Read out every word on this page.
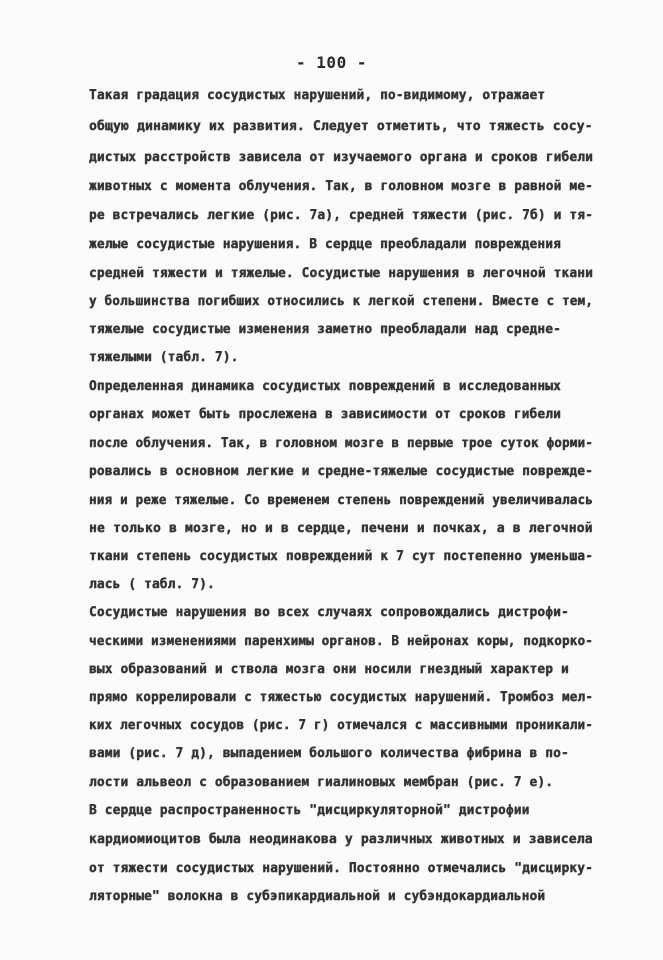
- 100 -
Такая градация сосудистых нарушений, по-видимому, отражает
общую динамику их развития. Следует отметить, что тяжесть сосу-
дистых расстройств зависела от изучаемого органа и сроков гибели
животных с момента облучения. Так, в головном мозге в равной ме-
ре встречались легкие (рис. 7а), средней тяжести (рис. 7б) и тя-
желые сосудистые нарушения. В сердце преобладали повреждения
средней тяжести и тяжелые. Сосудистые нарушения в легочной ткани
у большинства погибших относились к легкой степени. Вместе с тем,
тяжелые сосудистые изменения заметно преобладали над средне-
тяжелыми (табл. 7).
Определенная динамика сосудистых повреждений в исследованных
органах может быть прослежена в зависимости от сроков гибели
после облучения. Так, в головном мозге в первые трое суток форми-
ровались в основном легкие и средне-тяжелые сосудистые поврежде-
ния и реже тяжелые. Со временем степень повреждений увеличивалась
не только в мозге, но и в сердце, печени и почках, а в легочной
ткани степень сосудистых повреждений к 7 сут постепенно уменьша-
лась ( табл. 7).
Сосудистые нарушения во всех случаях сопровождались дистрофи-
ческими изменениями паренхимы органов. В нейронах коры, подкорко-
вых образований и ствола мозга они носили гнездный характер и
прямо коррелировали с тяжестью сосудистых нарушений. Тромбоз мел-
ких легочных сосудов (рис. 7 г) отмечался с массивными проникали-
вами (рис. 7 д), выпадением большого количества фибрина в по-
лости альвеол с образованием гиалиновых мембран (рис. 7 е).
В сердце распространенность "дисциркуляторной" дистрофии
кардиомиоцитов была неодинакова у различных животных и зависела
от тяжести сосудистых нарушений. Постоянно отмечались "дисцирку-
ляторные" волокна в субэпикардиальной и субэндокардиальной
